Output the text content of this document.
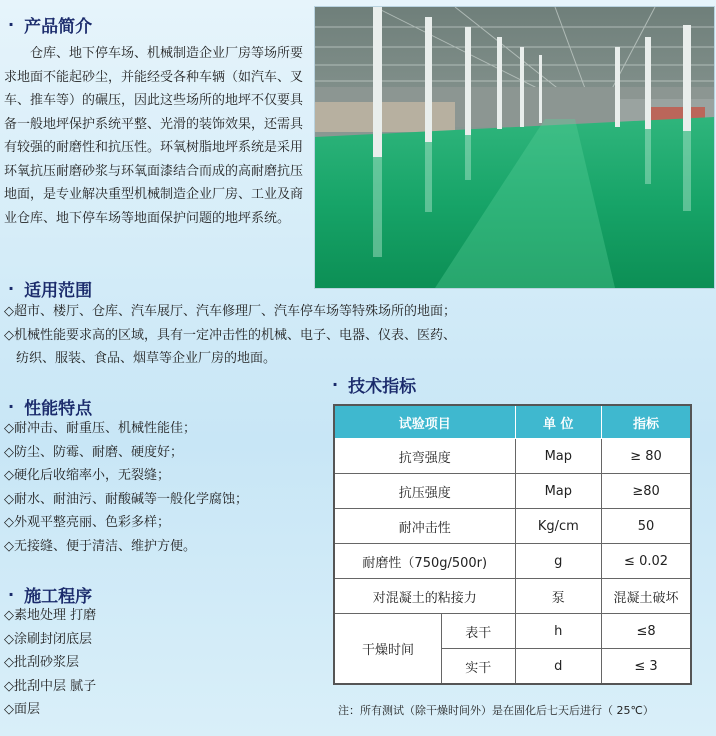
· 产品简介
仓库、地下停车场、机械制造企业厂房等场所要求地面不能起砂尘，并能经受各种车辆（如汽车、叉车、推车等）的碾压，因此这些场所的地坪不仅要具备一般地坪保护系统平整、光滑的装饰效果，还需具有较强的耐磨性和抗压性。环氧树脂地坪系统是采用环氧抗压耐磨砂浆与环氧面漆结合而成的高耐磨抗压地面，是专业解决重型机械制造企业厂房、工业及商业仓库、地下停车场等地面保护问题的地坪系统。
· 适用范围
◇超市、楼厅、仓库、汽车展厅、汽车修理厂、汽车停车场等特殊场所的地面；
◇机械性能要求高的区域，具有一定冲击性的机械、电子、电器、仪表、医药、
纺织、服装、食品、烟草等企业厂房的地面。
· 性能特点
◇耐冲击、耐重压、机械性能佳；
◇防尘、防霉、耐磨、硬度好；
◇硬化后收缩率小，无裂缝；
◇耐水、耐油污、耐酸碱等一般化学腐蚀；
◇外观平整亮丽、色彩多样；
◇无接缝、便于清洁、维护方便。
· 施工程序
◇素地处理 打磨
◇涂刷封闭底层
◇批刮砂浆层
◇批刮中层 腻子
◇面层
· 技术指标
试验项目		单 位	指标
抗弯强度		Map	≥ 80
抗压强度		Map	≥80
耐冲击性		Kg/cm	50
耐磨性（750g/500r)		g	≤ 0.02
对混凝土的粘接力		泵	混凝土破坏
干燥时间	表干	h	≤8
	实干	d	≤ 3
注：所有测试（除干燥时间外）是在固化后七天后进行（ 25℃）
